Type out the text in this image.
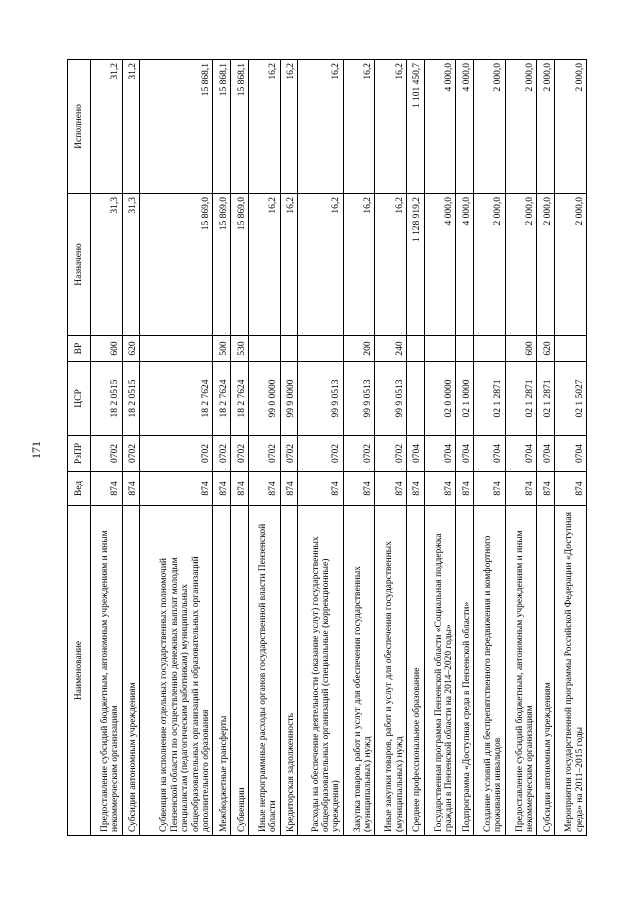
171
Наименование	Вед	РзПР	ЦСР	ВР	Назначено	Исполнено
Предоставление субсидий бюджетным, автономным учреждениям и иным некоммерческим организациям	874	0702	18 2 0515	600	31,3	31,2
Субсидии автономным учреждениям	874	0702	18 2 0515	620	31,3	31,2
Субвенция на исполнение отдельных государственных полномочий Пензенской области по осуществлению денежных выплат молодым специалистам (педагогическим работникам) муниципальных общеобразовательных организаций и образовательных организаций дополнительного образования	874	0702	18 2 7624		15 869,0	15 868,1
Межбюджетные трансферты	874	0702	18 2 7624	500	15 869,0	15 868,1
Субвенции	874	0702	18 2 7624	530	15 869,0	15 868,1
Иные непрограммные расходы органов государственной власти Пензенской области	874	0702	99 0 0000		16,2	16,2
Кредиторская задолженность	874	0702	99 9 0000		16,2	16,2
Расходы на обеспечение деятельности (оказание услуг) государственных общеобразовательных организаций (специальные (коррекционные) учреждения)	874	0702	99 9 0513		16,2	16,2
Закупка товаров, работ и услуг для обеспечения государственных (муниципальных) нужд	874	0702	99 9 0513	200	16,2	16,2
Иные закупки товаров, работ и услуг для обеспечения государственных (муниципальных) нужд	874	0702	99 9 0513	240	16,2	16,2
Среднее профессиональное образование	874	0704			1 128 919,2	1 101 450,7
Государственная программа Пензенской области «Социальная поддержка граждан в Пензенской области на 2014–2020 годы»	874	0704	02 0 0000		4 000,0	4 000,0
Подпрограмма «Доступная среда в Пензенской области»	874	0704	02 1 0000		4 000,0	4 000,0
Создание условий для беспрепятственного передвижения и комфортного проживания инвалидов	874	0704	02 1 2871		2 000,0	2 000,0
Предоставление субсидий бюджетным, автономным учреждениям и иным некоммерческим организациям	874	0704	02 1 2871	600	2 000,0	2 000,0
Субсидии автономным учреждениям	874	0704	02 1 2871	620	2 000,0	2 000,0
Мероприятия государственной программы Российской Федерации «Доступная среда» на 2011–2015 годы	874	0704	02 1 5027		2 000,0	2 000,0
